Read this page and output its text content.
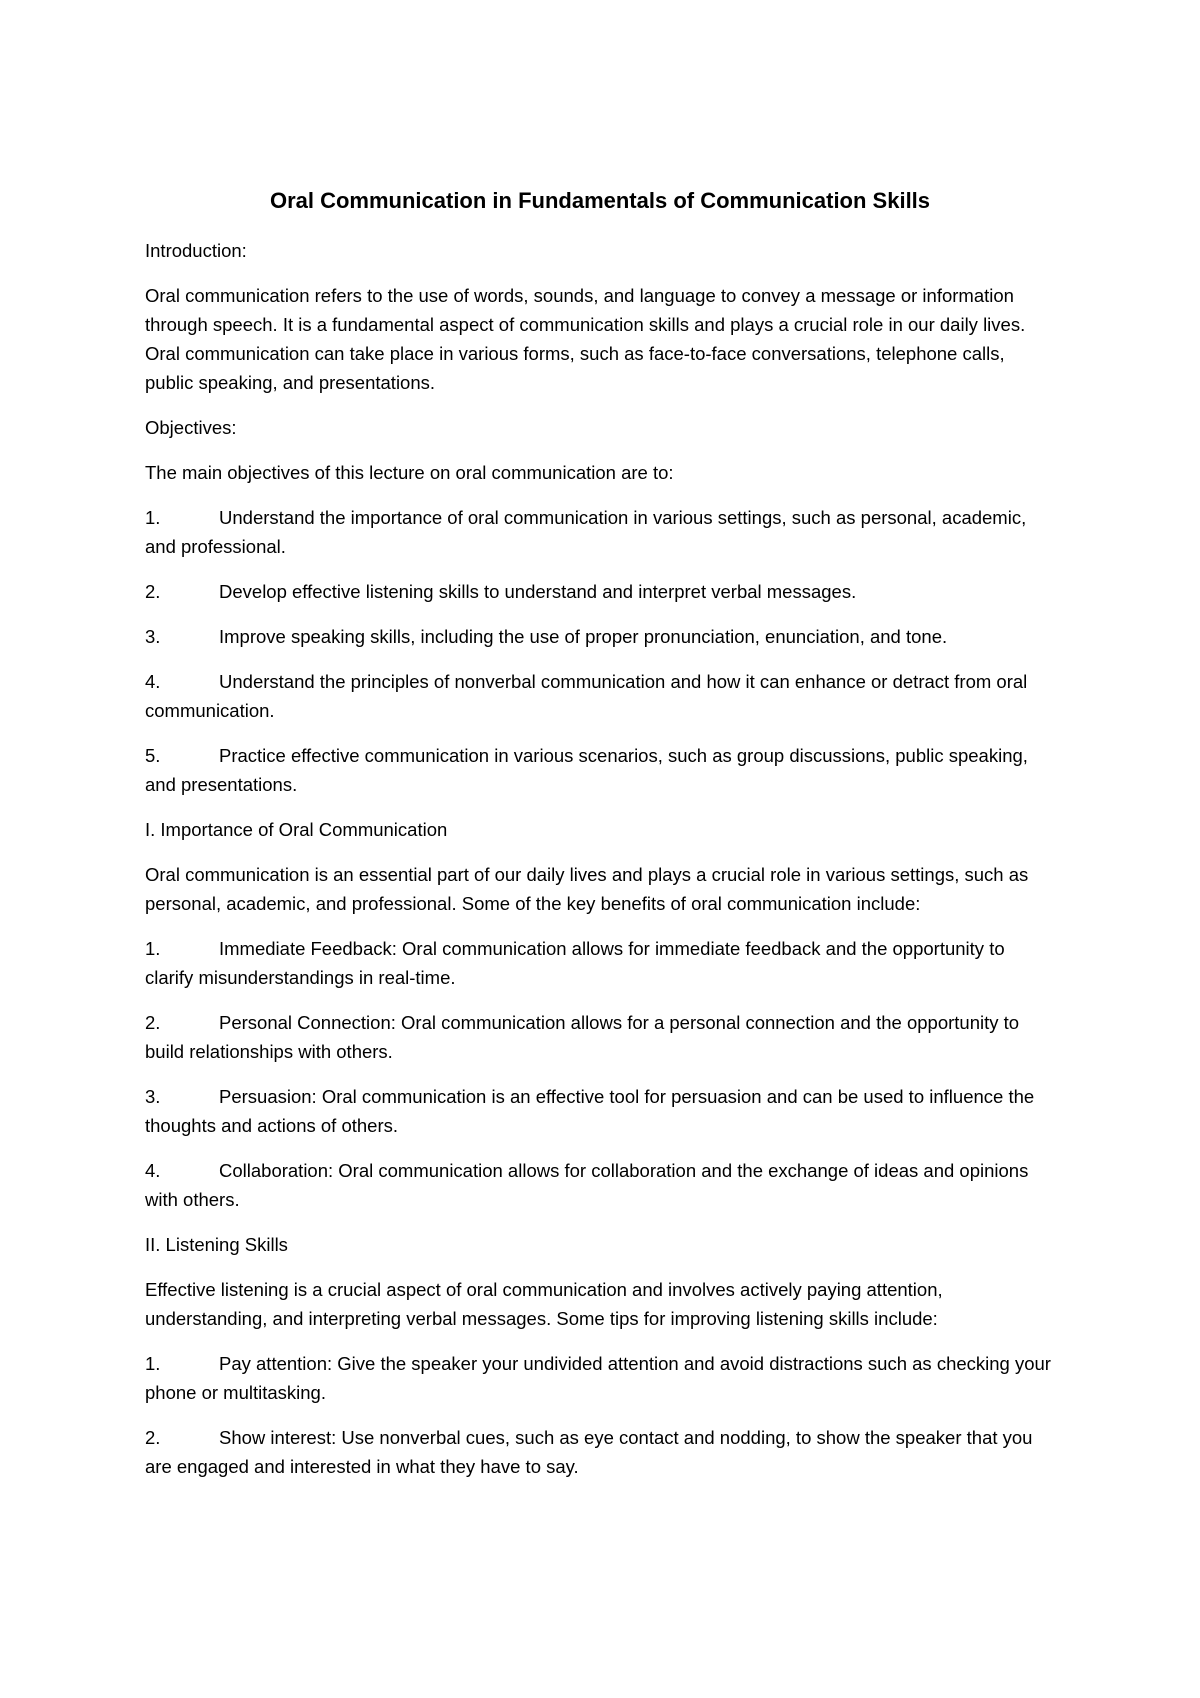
Oral Communication in Fundamentals of Communication Skills
Introduction:
Oral communication refers to the use of words, sounds, and language to convey a message or information through speech. It is a fundamental aspect of communication skills and plays a crucial role in our daily lives. Oral communication can take place in various forms, such as face-to-face conversations, telephone calls, public speaking, and presentations.
Objectives:
The main objectives of this lecture on oral communication are to:
1.	Understand the importance of oral communication in various settings, such as personal, academic, and professional.
2.	Develop effective listening skills to understand and interpret verbal messages.
3.	Improve speaking skills, including the use of proper pronunciation, enunciation, and tone.
4.	Understand the principles of nonverbal communication and how it can enhance or detract from oral communication.
5.	Practice effective communication in various scenarios, such as group discussions, public speaking, and presentations.
I. Importance of Oral Communication
Oral communication is an essential part of our daily lives and plays a crucial role in various settings, such as personal, academic, and professional. Some of the key benefits of oral communication include:
1.	Immediate Feedback: Oral communication allows for immediate feedback and the opportunity to clarify misunderstandings in real-time.
2.	Personal Connection: Oral communication allows for a personal connection and the opportunity to build relationships with others.
3.	Persuasion: Oral communication is an effective tool for persuasion and can be used to influence the thoughts and actions of others.
4.	Collaboration: Oral communication allows for collaboration and the exchange of ideas and opinions with others.
II. Listening Skills
Effective listening is a crucial aspect of oral communication and involves actively paying attention, understanding, and interpreting verbal messages. Some tips for improving listening skills include:
1.	Pay attention: Give the speaker your undivided attention and avoid distractions such as checking your phone or multitasking.
2.	Show interest: Use nonverbal cues, such as eye contact and nodding, to show the speaker that you are engaged and interested in what they have to say.
